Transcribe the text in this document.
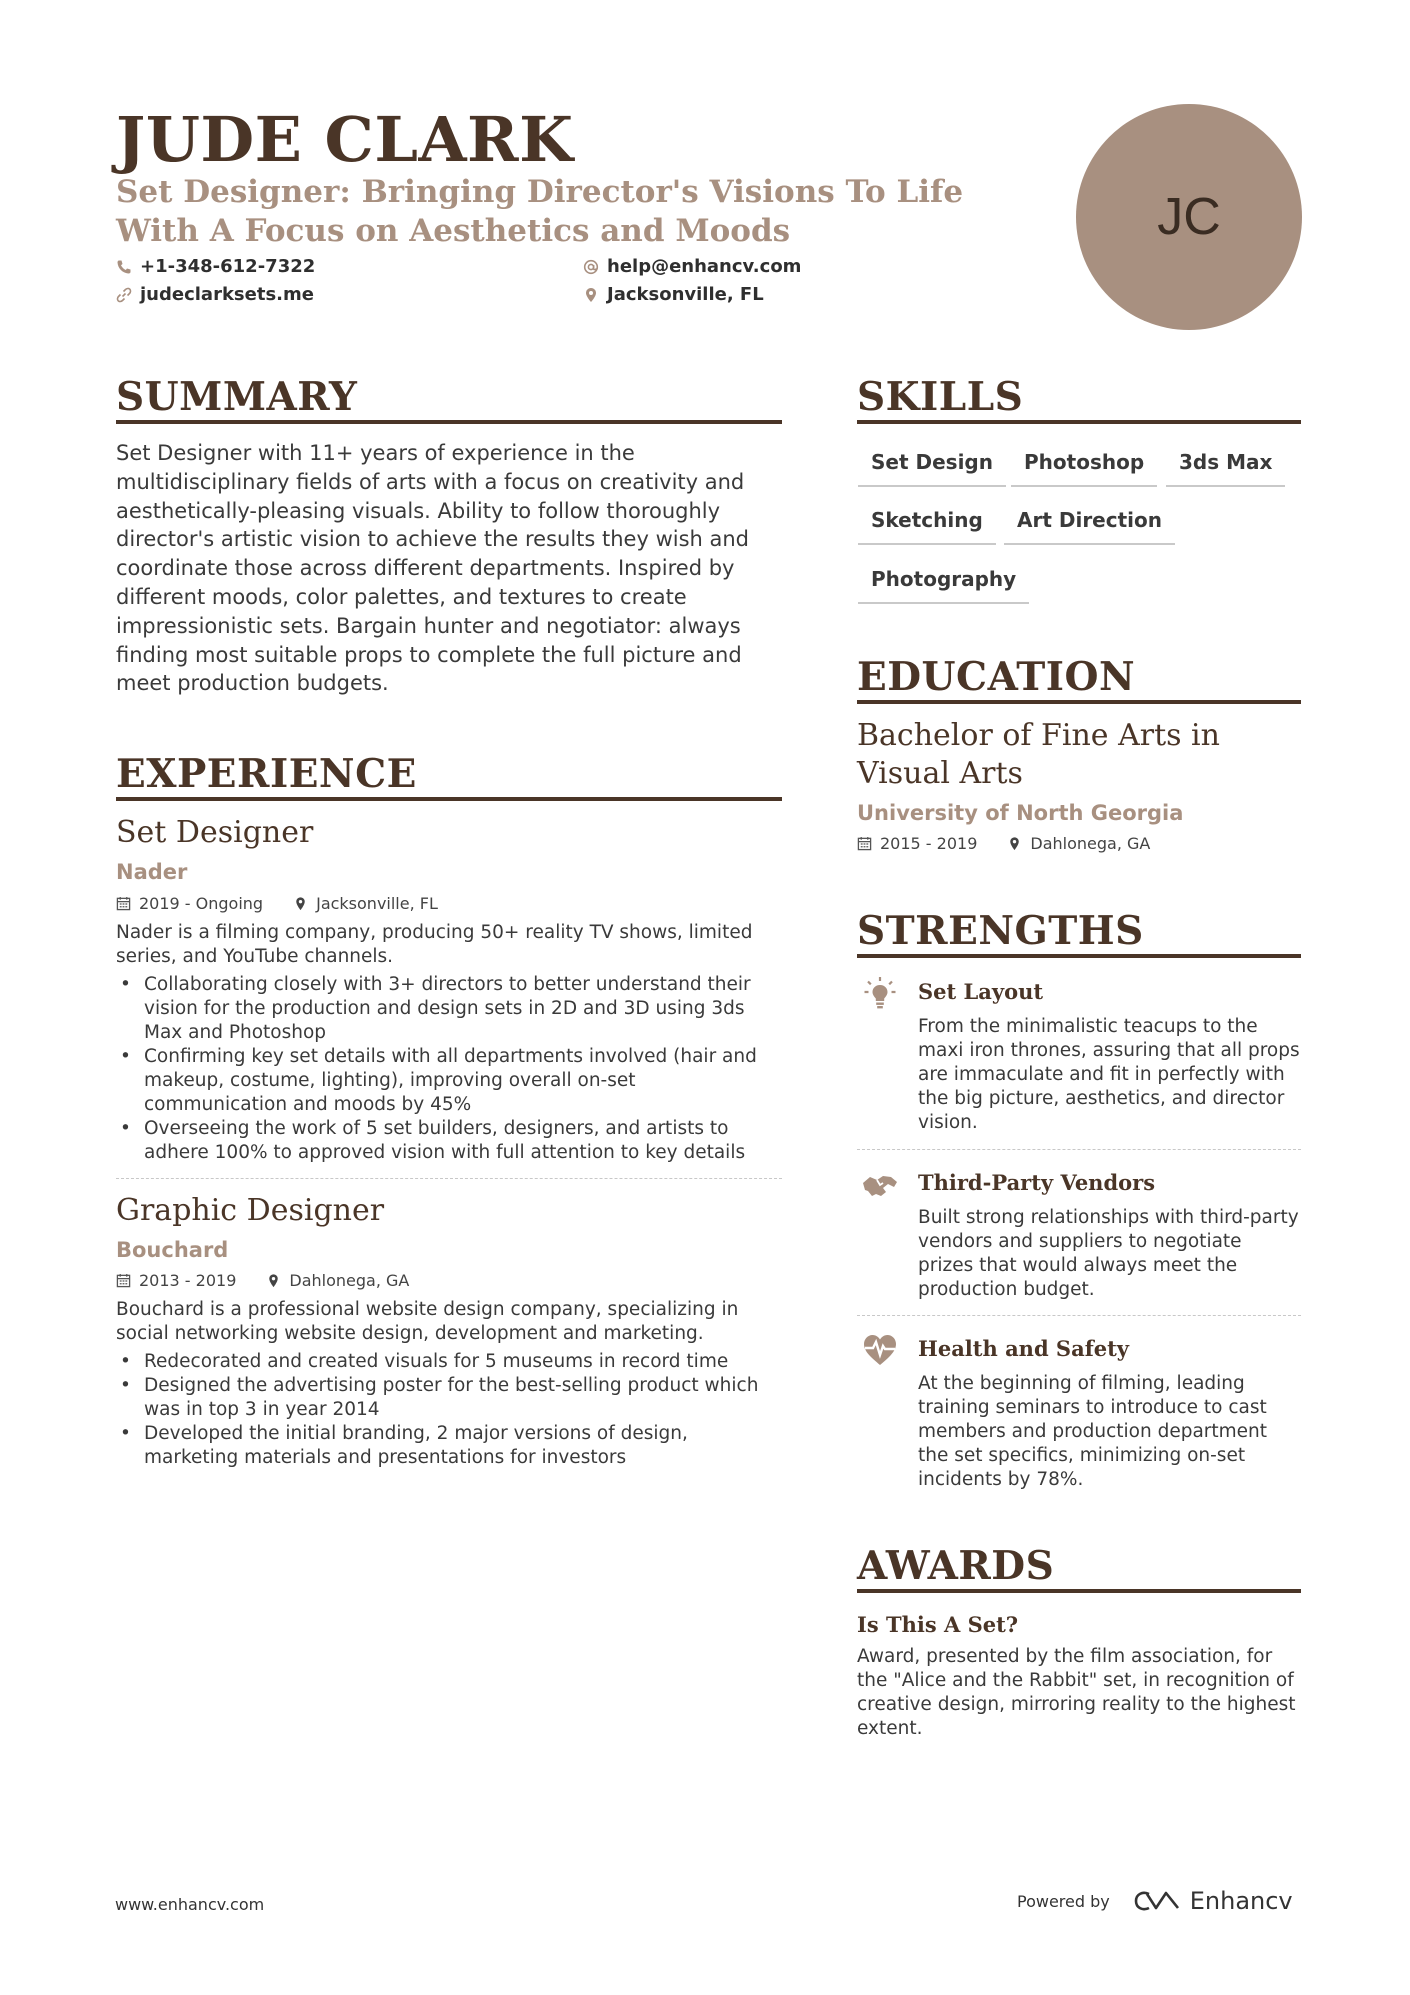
JUDE CLARK
Set Designer: Bringing Director's Visions To Life With A Focus on Aesthetics and Moods
+1-348-612-7322	help@enhancv.com
judeclarksets.me	Jacksonville, FL
JC
SUMMARY
Set Designer with 11+ years of experience in the multidisciplinary fields of arts with a focus on creativity and aesthetically-pleasing visuals. Ability to follow thoroughly director's artistic vision to achieve the results they wish and coordinate those across different departments. Inspired by different moods, color palettes, and textures to create impressionistic sets. Bargain hunter and negotiator: always finding most suitable props to complete the full picture and meet production budgets.
EXPERIENCE
Set Designer
Nader
2019 - Ongoing	Jacksonville, FL
Nader is a filming company, producing 50+ reality TV shows, limited series, and YouTube channels.
• Collaborating closely with 3+ directors to better understand their vision for the production and design sets in 2D and 3D using 3ds Max and Photoshop
• Confirming key set details with all departments involved (hair and makeup, costume, lighting), improving overall on-set communication and moods by 45%
• Overseeing the work of 5 set builders, designers, and artists to adhere 100% to approved vision with full attention to key details
Graphic Designer
Bouchard
2013 - 2019	Dahlonega, GA
Bouchard is a professional website design company, specializing in social networking website design, development and marketing.
• Redecorated and created visuals for 5 museums in record time
• Designed the advertising poster for the best-selling product which was in top 3 in year 2014
• Developed the initial branding, 2 major versions of design, marketing materials and presentations for investors
SKILLS
Set Design	Photoshop	3ds Max
Sketching	Art Direction
Photography
EDUCATION
Bachelor of Fine Arts in Visual Arts
University of North Georgia
2015 - 2019	Dahlonega, GA
STRENGTHS
Set Layout
From the minimalistic teacups to the maxi iron thrones, assuring that all props are immaculate and fit in perfectly with the big picture, aesthetics, and director vision.
Third-Party Vendors
Built strong relationships with third-party vendors and suppliers to negotiate prizes that would always meet the production budget.
Health and Safety
At the beginning of filming, leading training seminars to introduce to cast members and production department the set specifics, minimizing on-set incidents by 78%.
AWARDS
Is This A Set?
Award, presented by the film association, for the "Alice and the Rabbit" set, in recognition of creative design, mirroring reality to the highest extent.
www.enhancv.com	Powered by	Enhancv
